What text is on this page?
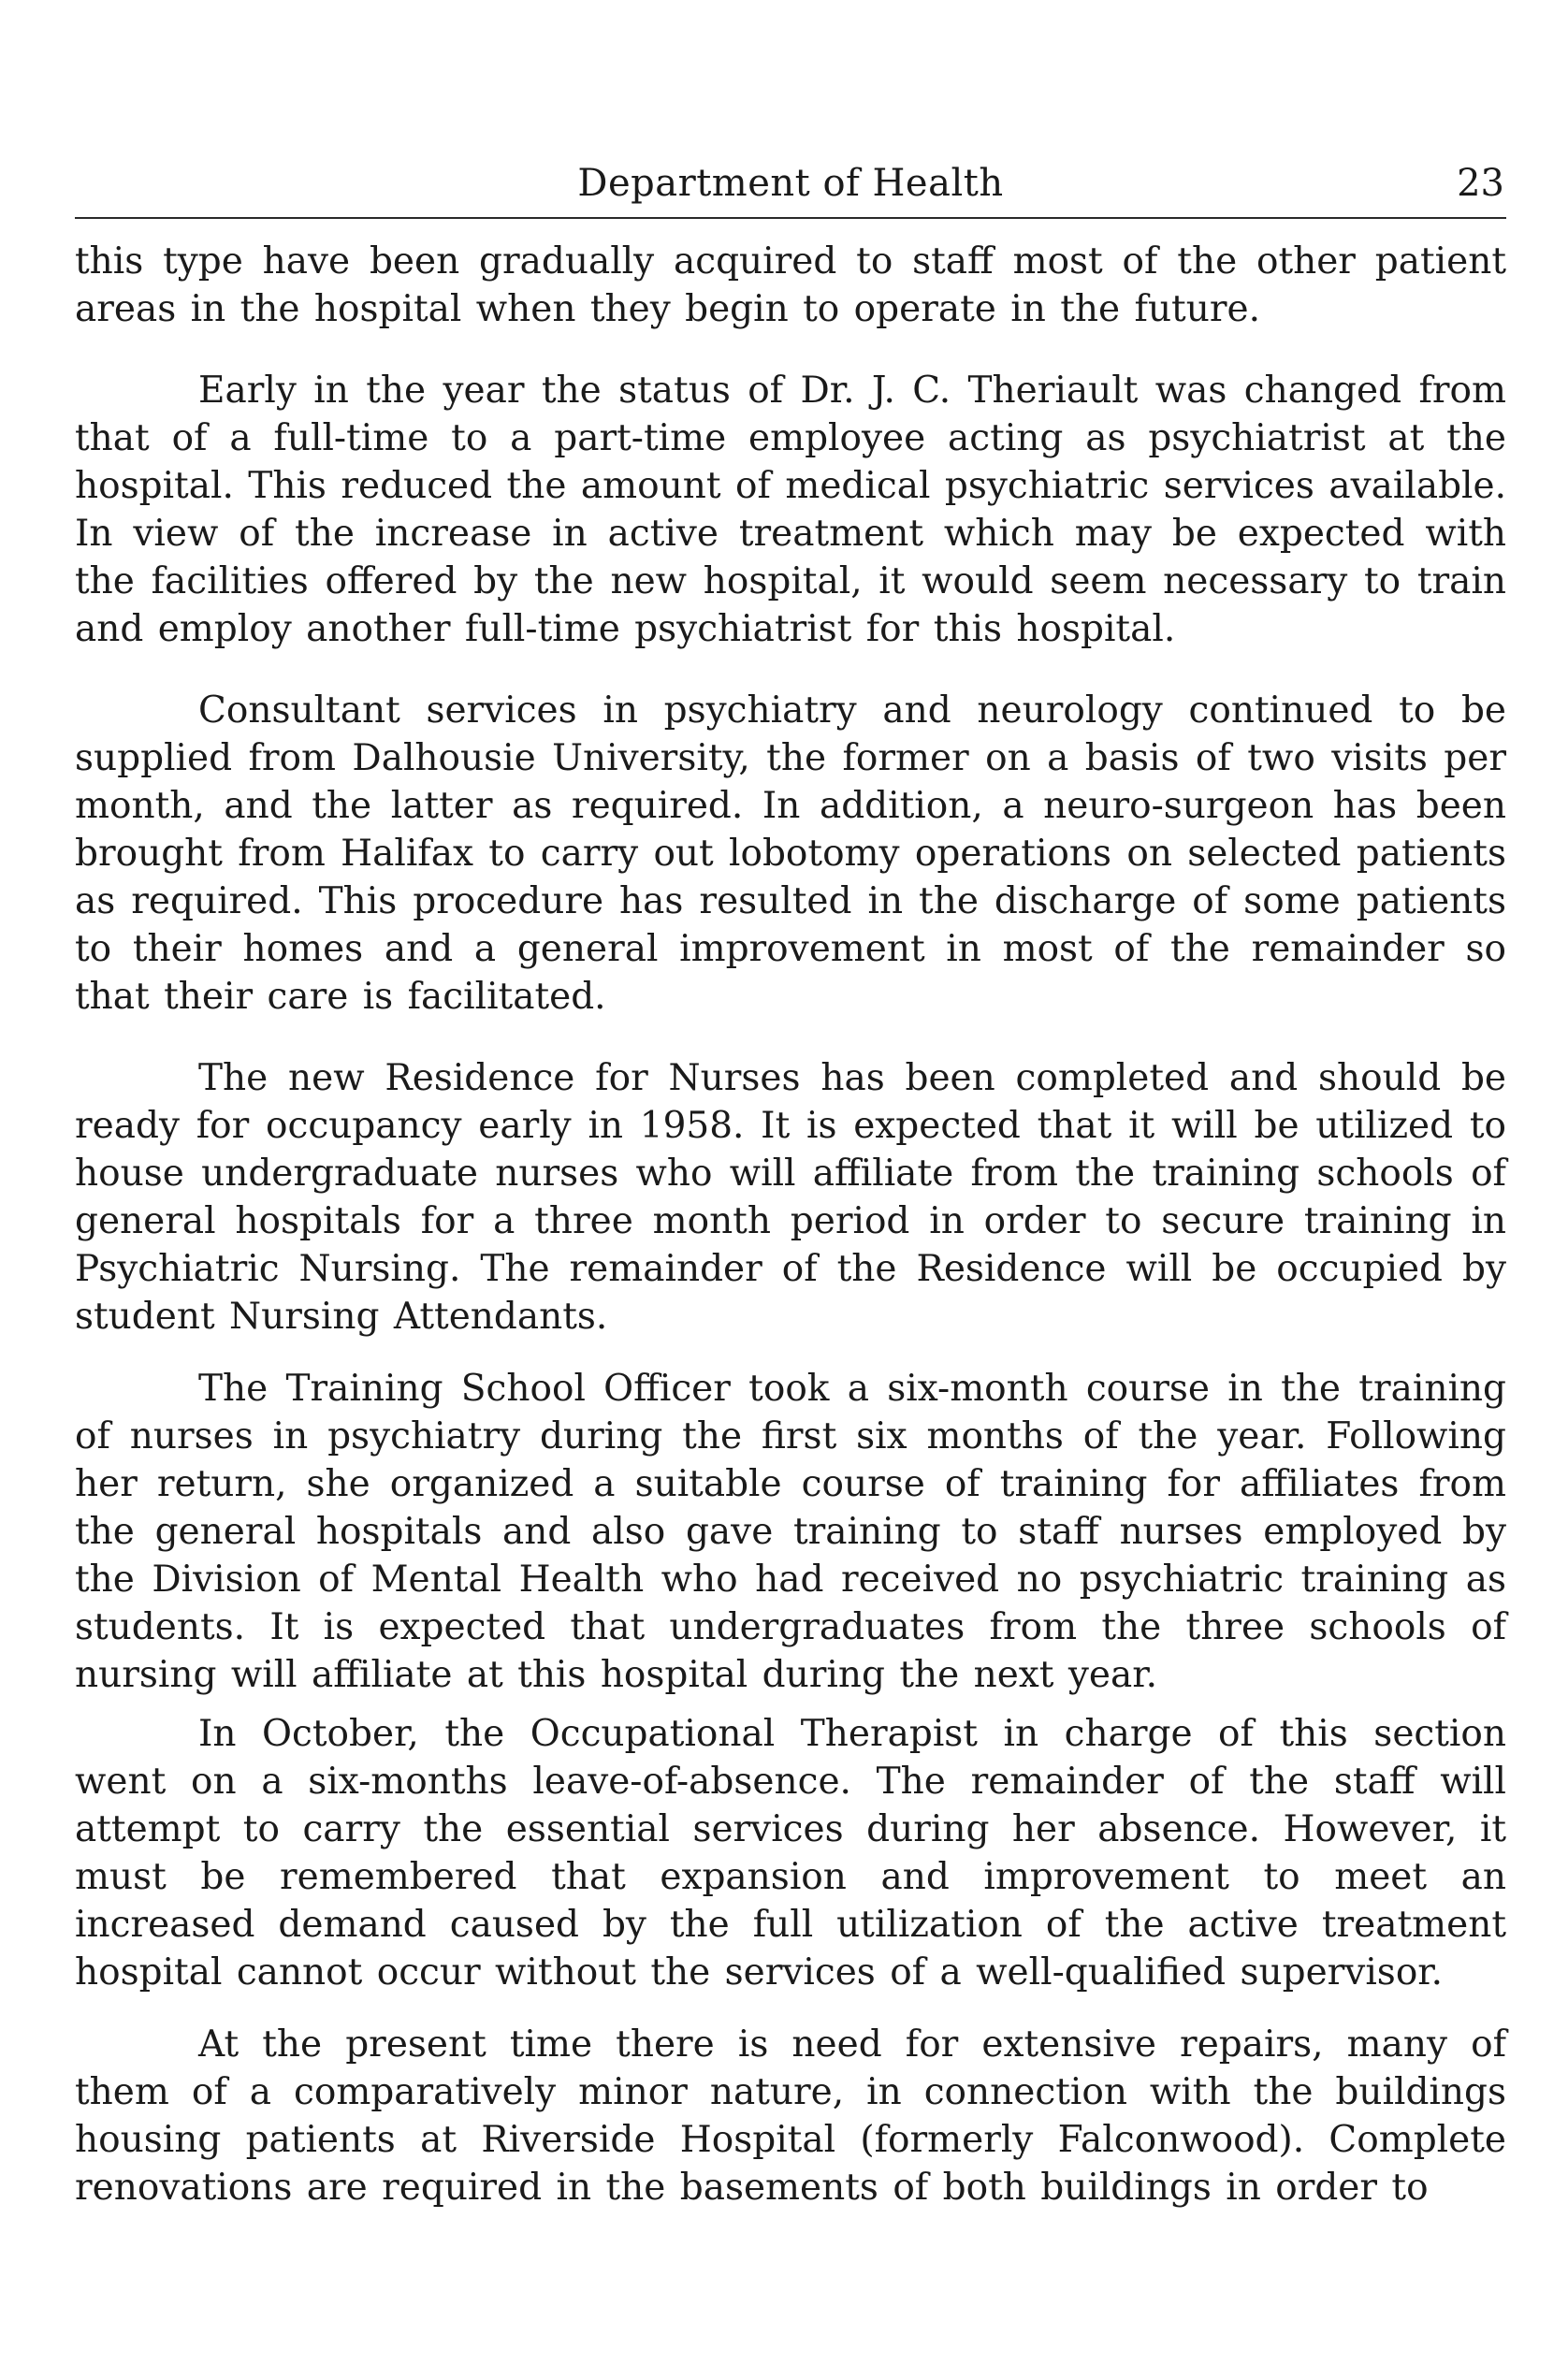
Department of Health	23

this type have been gradually acquired to staff most of the other patient areas in the hospital when they begin to operate in the future.

Early in the year the status of Dr. J. C. Theriault was changed from that of a full-time to a part-time employee acting as psychiatrist at the hospital. This reduced the amount of medical psychiatric services available. In view of the increase in active treatment which may be expected with the facilities offered by the new hospital, it would seem necessary to train and employ another full-time psychiatrist for this hospital.

Consultant services in psychiatry and neurology continued to be supplied from Dalhousie University, the former on a basis of two visits per month, and the latter as required. In addition, a neuro-surgeon has been brought from Halifax to carry out lobotomy operations on selected patients as required. This procedure has resulted in the discharge of some patients to their homes and a general improvement in most of the remainder so that their care is facilitated.

The new Residence for Nurses has been completed and should be ready for occupancy early in 1958. It is expected that it will be utilized to house undergraduate nurses who will affiliate from the training schools of general hospitals for a three month period in order to secure training in Psychiatric Nursing. The remainder of the Residence will be occupied by student Nursing Attendants.

The Training School Officer took a six-month course in the training of nurses in psychiatry during the first six months of the year. Following her return, she organized a suitable course of training for affiliates from the general hospitals and also gave training to staff nurses employed by the Division of Mental Health who had received no psychiatric training as students. It is expected that undergraduates from the three schools of nursing will affiliate at this hospital during the next year.

In October, the Occupational Therapist in charge of this section went on a six-months leave-of-absence. The remainder of the staff will attempt to carry the essential services during her absence. However, it must be remembered that expansion and improvement to meet an increased demand caused by the full utilization of the active treatment hospital cannot occur without the services of a well-qualified supervisor.

At the present time there is need for extensive repairs, many of them of a comparatively minor nature, in connection with the buildings housing patients at Riverside Hospital (formerly Falconwood). Complete renovations are required in the basements of both buildings in order to
